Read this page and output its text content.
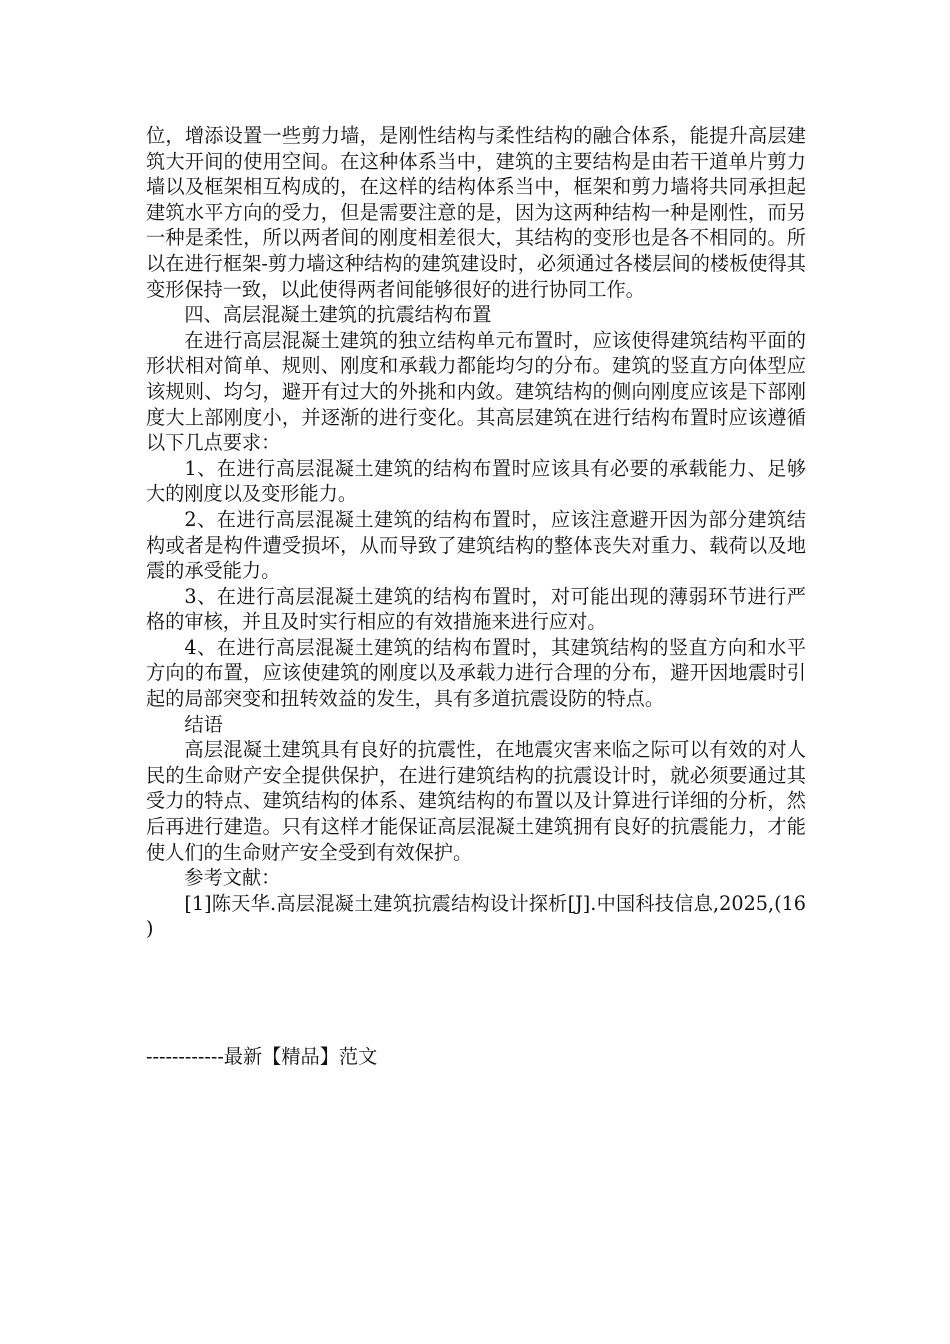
位，增添设置一些剪力墙，是刚性结构与柔性结构的融合体系，能提升高层建筑大开间的使用空间。在这种体系当中，建筑的主要结构是由若干道单片剪力墙以及框架相互构成的，在这样的结构体系当中，框架和剪力墙将共同承担起建筑水平方向的受力，但是需要注意的是，因为这两种结构一种是刚性，而另一种是柔性，所以两者间的刚度相差很大，其结构的变形也是各不相同的。所以在进行框架-剪力墙这种结构的建筑建设时，必须通过各楼层间的楼板使得其变形保持一致，以此使得两者间能够很好的进行协同工作。

四、高层混凝土建筑的抗震结构布置

在进行高层混凝土建筑的独立结构单元布置时，应该使得建筑结构平面的形状相对简单、规则、刚度和承载力都能均匀的分布。建筑的竖直方向体型应该规则、均匀，避开有过大的外挑和内敛。建筑结构的侧向刚度应该是下部刚度大上部刚度小，并逐渐的进行变化。其高层建筑在进行结构布置时应该遵循以下几点要求：

1、在进行高层混凝土建筑的结构布置时应该具有必要的承载能力、足够大的刚度以及变形能力。

2、在进行高层混凝土建筑的结构布置时，应该注意避开因为部分建筑结构或者是构件遭受损坏，从而导致了建筑结构的整体丧失对重力、载荷以及地震的承受能力。

3、在进行高层混凝土建筑的结构布置时，对可能出现的薄弱环节进行严格的审核，并且及时实行相应的有效措施来进行应对。

4、在进行高层混凝土建筑的结构布置时，其建筑结构的竖直方向和水平方向的布置，应该使建筑的刚度以及承载力进行合理的分布，避开因地震时引起的局部突变和扭转效益的发生，具有多道抗震设防的特点。

结语

高层混凝土建筑具有良好的抗震性，在地震灾害来临之际可以有效的对人民的生命财产安全提供保护，在进行建筑结构的抗震设计时，就必须要通过其受力的特点、建筑结构的体系、建筑结构的布置以及计算进行详细的分析，然后再进行建造。只有这样才能保证高层混凝土建筑拥有良好的抗震能力，才能使人们的生命财产安全受到有效保护。

参考文献：

[1]陈天华.高层混凝土建筑抗震结构设计探析[J].中国科技信息,2025,(16)

------------最新【精品】范文
